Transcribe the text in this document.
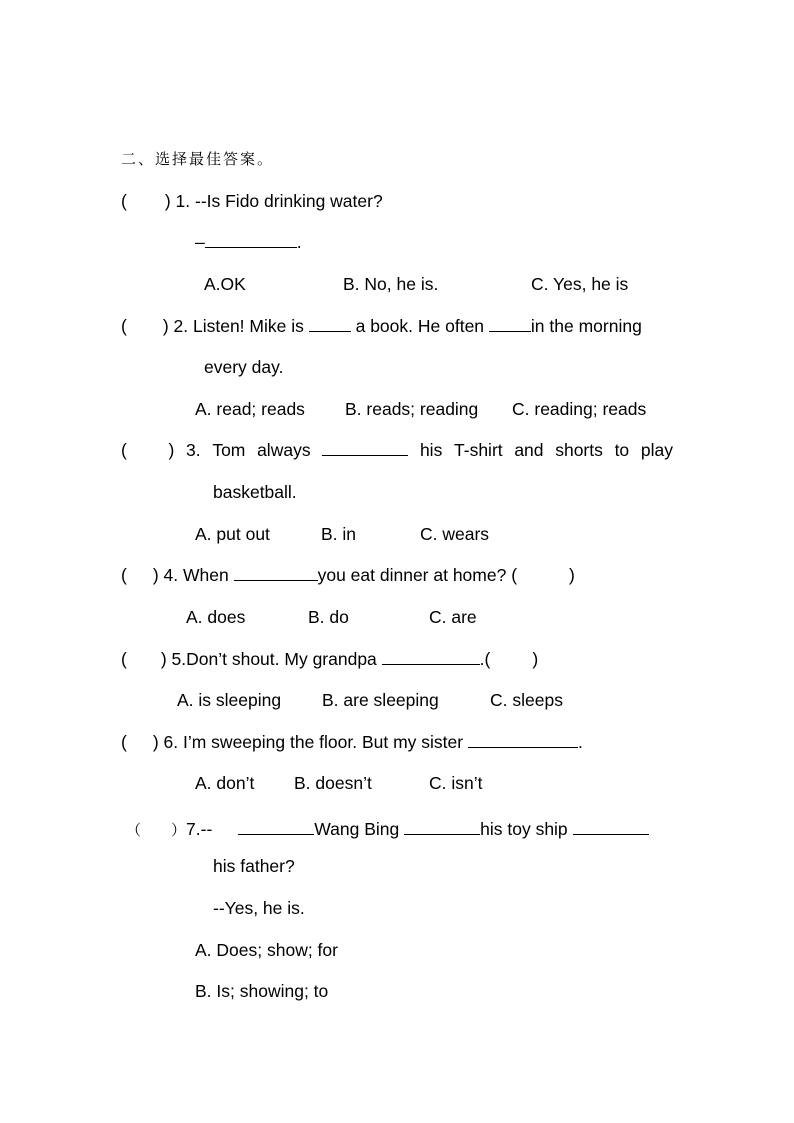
二、选择最佳答案。
( ) 1. --Is Fido drinking water?
–	.
A.OK	B. No, he is.	C. Yes, he is
( ) 2. Listen! Mike is	a book. He often	in the morning
every day.
A. read; reads B. reads; reading C. reading; reads
( ) 3. Tom always	his T-shirt and shorts to play
basketball.
A. put out	B. in	C. wears
( ) 4. When	you eat dinner at home? (	)
A. does	B. do	C. are
( ) 5.Don’t shout. My grandpa	.( )
A. is sleeping B. are sleeping	C. sleeps
( ) 6. I’m sweeping the floor. But my sister	.
A. don’t B. doesn’t	C. isn’t
（ ）7.--	Wang Bing	his toy ship
his father?
--Yes, he is.
A. Does; show; for
B. Is; showing; to
